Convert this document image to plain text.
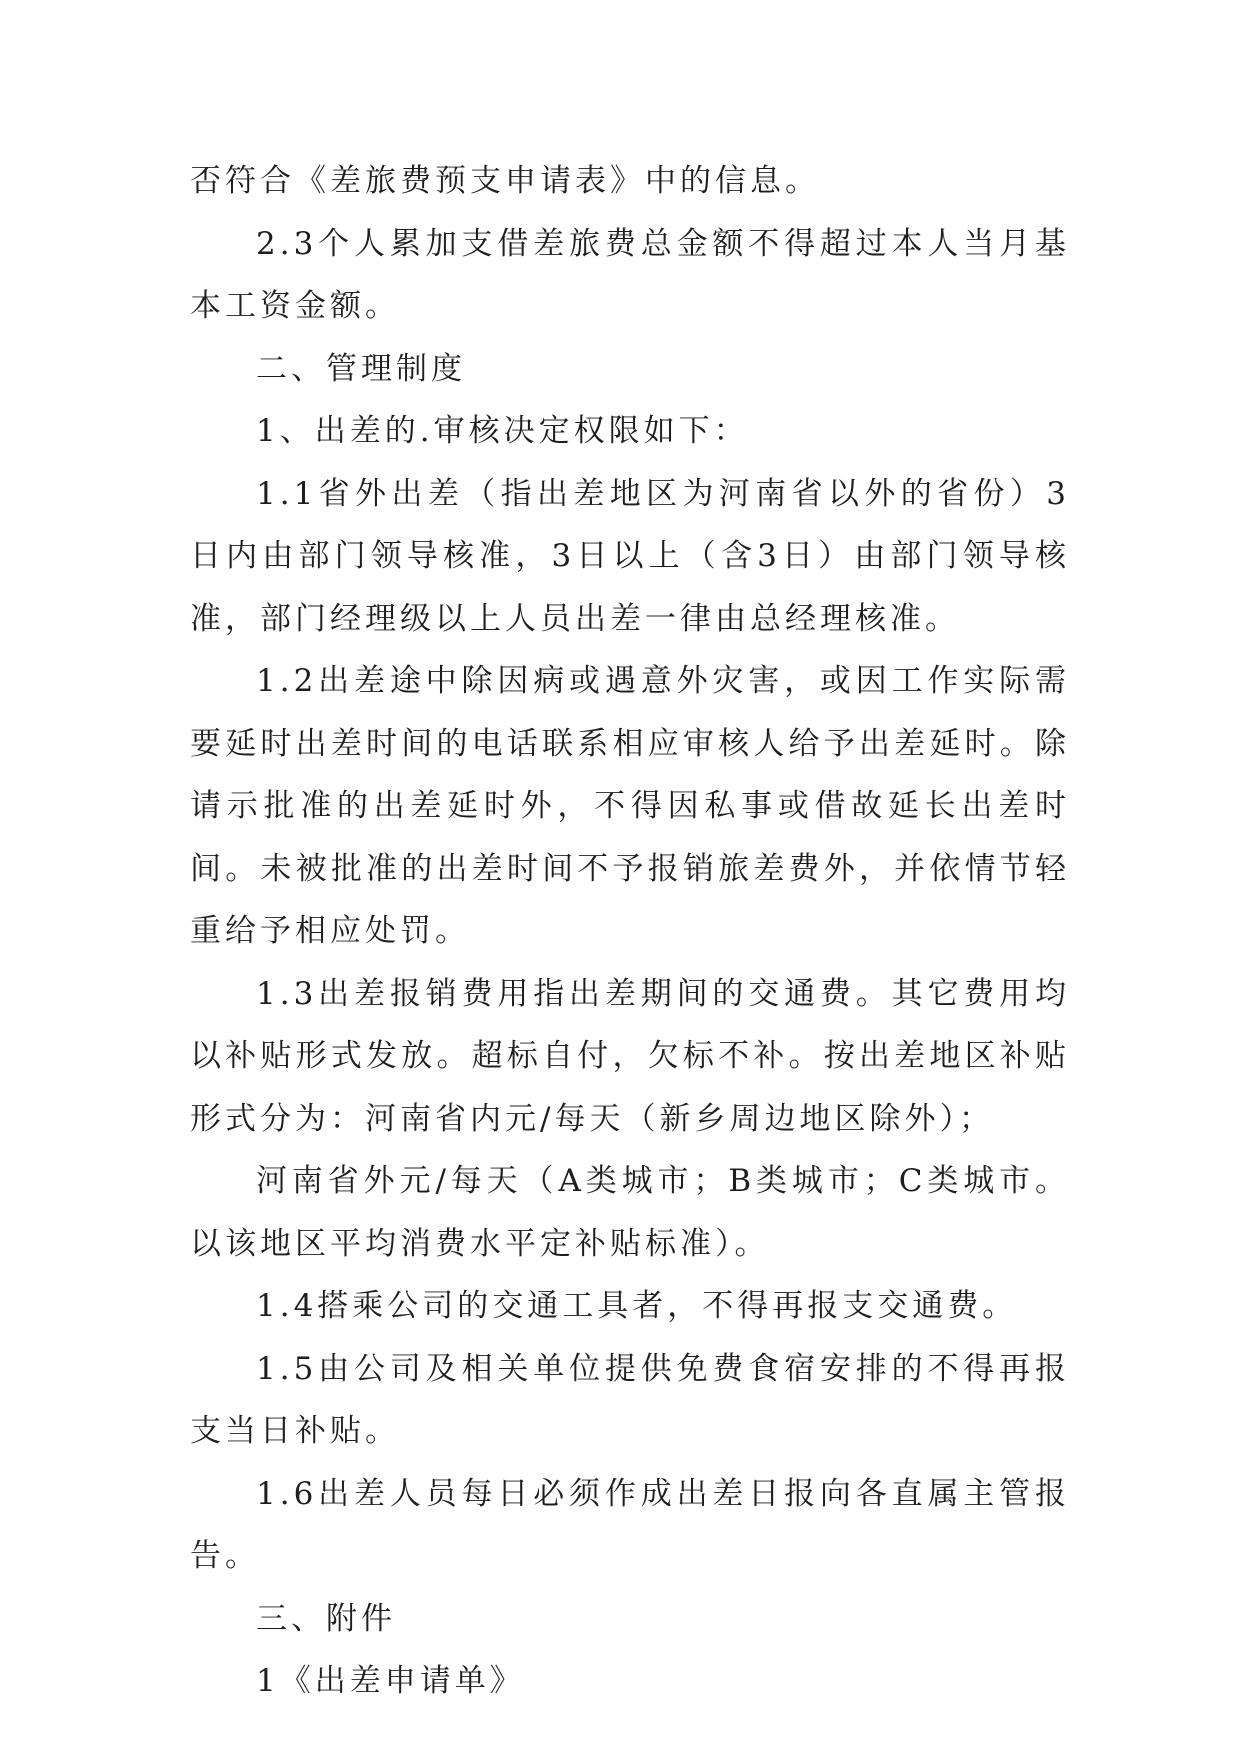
否符合《差旅费预支申请表》中的信息。

2.3个人累加支借差旅费总金额不得超过本人当月基本工资金额。

二、管理制度

1、出差的.审核决定权限如下：

1.1省外出差（指出差地区为河南省以外的省份）3日内由部门领导核准，3日以上（含3日）由部门领导核准，部门经理级以上人员出差一律由总经理核准。

1.2出差途中除因病或遇意外灾害，或因工作实际需要延时出差时间的电话联系相应审核人给予出差延时。除请示批准的出差延时外，不得因私事或借故延长出差时间。未被批准的出差时间不予报销旅差费外，并依情节轻重给予相应处罚。

1.3出差报销费用指出差期间的交通费。其它费用均以补贴形式发放。超标自付，欠标不补。按出差地区补贴形式分为：河南省内元/每天（新乡周边地区除外）；

河南省外元/每天（A类城市；B类城市；C类城市。以该地区平均消费水平定补贴标准）。

1.4搭乘公司的交通工具者，不得再报支交通费。

1.5由公司及相关单位提供免费食宿安排的不得再报支当日补贴。

1.6出差人员每日必须作成出差日报向各直属主管报告。

三、附件

1《出差申请单》
